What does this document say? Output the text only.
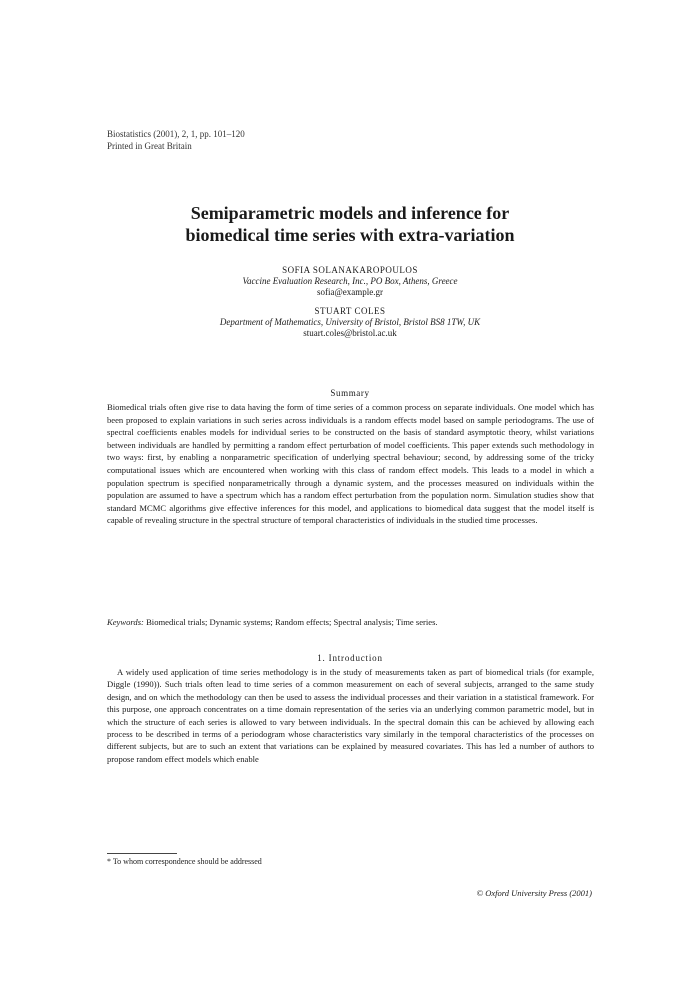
Biostatistics (2001), 2, 1, pp. 101–120
Printed in Great Britain
Semiparametric models and inference for
biomedical time series with extra-variation
SOFIA SOLANAKAROPOULOS
Vaccine Evaluation Research, Inc., PO Box, Athens, Greece
sofia@example.gr
STUART COLES
Department of Mathematics, University of Bristol, Bristol BS8 1TW, UK
stuart.coles@bristol.ac.uk
Summary
Biomedical trials often give rise to data having the form of time series of a common process on separate individuals. One model which has been proposed to explain variations in such series across individuals is a random effects model based on sample periodograms. The use of spectral coefficients enables models for individual series to be constructed on the basis of standard asymptotic theory, whilst variations between individuals are handled by permitting a random effect perturbation of model coefficients. This paper extends such methodology in two ways: first, by enabling a nonparametric specification of underlying spectral behaviour; second, by addressing some of the tricky computational issues which are encountered when working with this class of random effect models. This leads to a model in which a population spectrum is specified nonparametrically through a dynamic system, and the processes measured on individuals within the population are assumed to have a spectrum which has a random effect perturbation from the population norm. Simulation studies show that standard MCMC algorithms give effective inferences for this model, and applications to biomedical data suggest that the model itself is capable of revealing structure in the spectral structure of temporal characteristics of individuals in the studied time processes.
Keywords: Biomedical trials; Dynamic systems; Random effects; Spectral analysis; Time series.
1. Introduction
A widely used application of time series methodology is in the study of measurements taken as part of biomedical trials (for example, Diggle (1990)). Such trials often lead to time series of a common measurement on each of several subjects, arranged to the same study design, and on which the methodology can then be used to assess the individual processes and their variation in a statistical framework. For this purpose, one approach concentrates on a time domain representation of the series via an underlying common parametric model, but in which the structure of each series is allowed to vary between individuals. In the spectral domain this can be achieved by allowing each process to be described in terms of a periodogram whose characteristics vary similarly in the temporal characteristics of the processes on different subjects, but are to such an extent that variations can be explained by measured covariates. This has led a number of authors to propose random effect models which enable
* To whom correspondence should be addressed
© Oxford University Press (2001)
